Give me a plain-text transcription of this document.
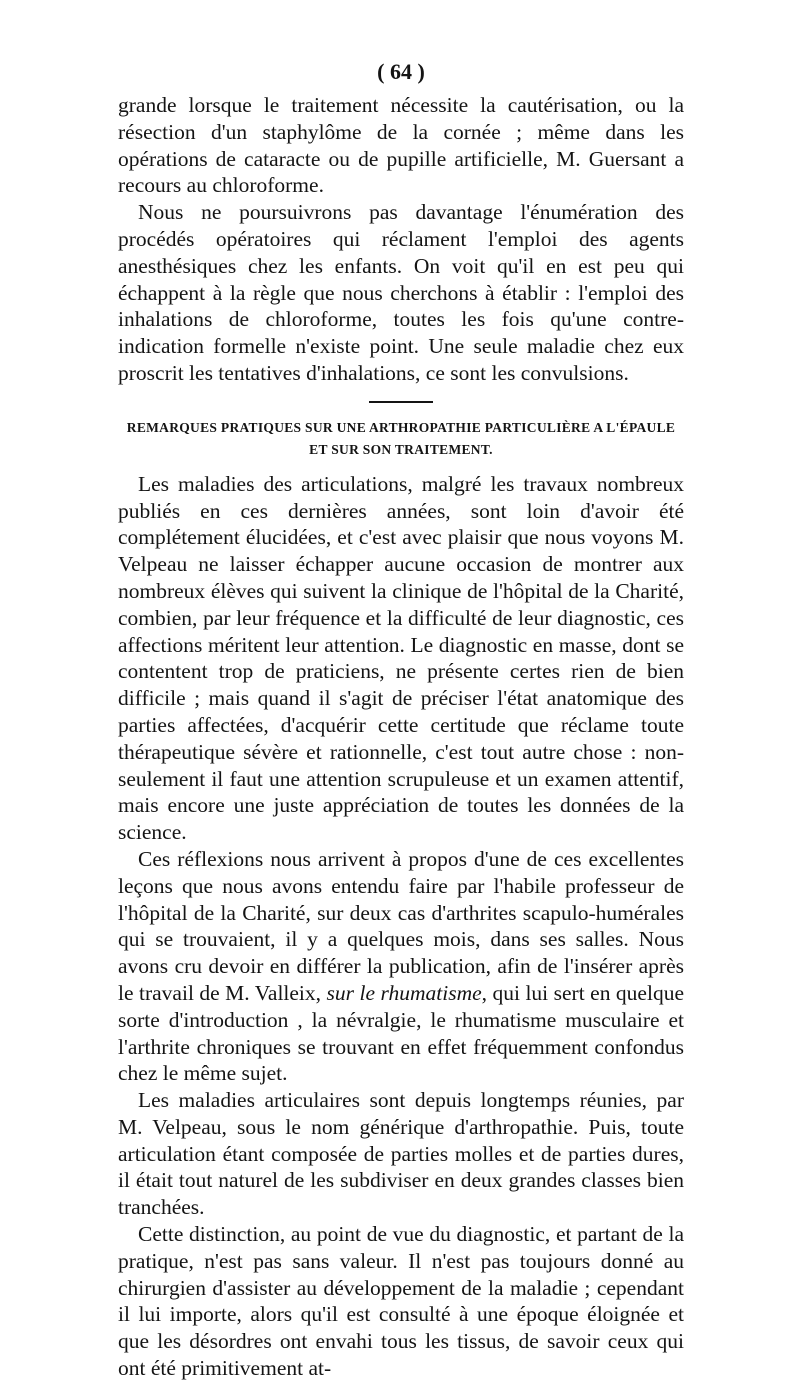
( 64 )

grande lorsque le traitement nécessite la cautérisation, ou la résection d'un staphylôme de la cornée ; même dans les opérations de cataracte ou de pupille artificielle, M. Guersant a recours au chloroforme.

Nous ne poursuivrons pas davantage l'énumération des procédés opératoires qui réclament l'emploi des agents anesthésiques chez les enfants. On voit qu'il en est peu qui échappent à la règle que nous cherchons à établir : l'emploi des inhalations de chloroforme, toutes les fois qu'une contre-indication formelle n'existe point. Une seule maladie chez eux proscrit les tentatives d'inhalations, ce sont les convulsions.

REMARQUES PRATIQUES SUR UNE ARTHROPATHIE PARTICULIÈRE A L'ÉPAULE
ET SUR SON TRAITEMENT.

Les maladies des articulations, malgré les travaux nombreux publiés en ces dernières années, sont loin d'avoir été complétement élucidées, et c'est avec plaisir que nous voyons M. Velpeau ne laisser échapper aucune occasion de montrer aux nombreux élèves qui suivent la clinique de l'hôpital de la Charité, combien, par leur fréquence et la difficulté de leur diagnostic, ces affections méritent leur attention. Le diagnostic en masse, dont se contentent trop de praticiens, ne présente certes rien de bien difficile ; mais quand il s'agit de préciser l'état anatomique des parties affectées, d'acquérir cette certitude que réclame toute thérapeutique sévère et rationnelle, c'est tout autre chose : non-seulement il faut une attention scrupuleuse et un examen attentif, mais encore une juste appréciation de toutes les données de la science.

Ces réflexions nous arrivent à propos d'une de ces excellentes leçons que nous avons entendu faire par l'habile professeur de l'hôpital de la Charité, sur deux cas d'arthrites scapulo-humérales qui se trouvaient, il y a quelques mois, dans ses salles. Nous avons cru devoir en différer la publication, afin de l'insérer après le travail de M. Valleix, sur le rhumatisme, qui lui sert en quelque sorte d'introduction , la névralgie, le rhumatisme musculaire et l'arthrite chroniques se trouvant en effet fréquemment confondus chez le même sujet.

Les maladies articulaires sont depuis longtemps réunies, par M. Velpeau, sous le nom générique d'arthropathie. Puis, toute articulation étant composée de parties molles et de parties dures, il était tout naturel de les subdiviser en deux grandes classes bien tranchées.

Cette distinction, au point de vue du diagnostic, et partant de la pratique, n'est pas sans valeur. Il n'est pas toujours donné au chirurgien d'assister au développement de la maladie ; cependant il lui importe, alors qu'il est consulté à une époque éloignée et que les désordres ont envahi tous les tissus, de savoir ceux qui ont été primitivement at-
